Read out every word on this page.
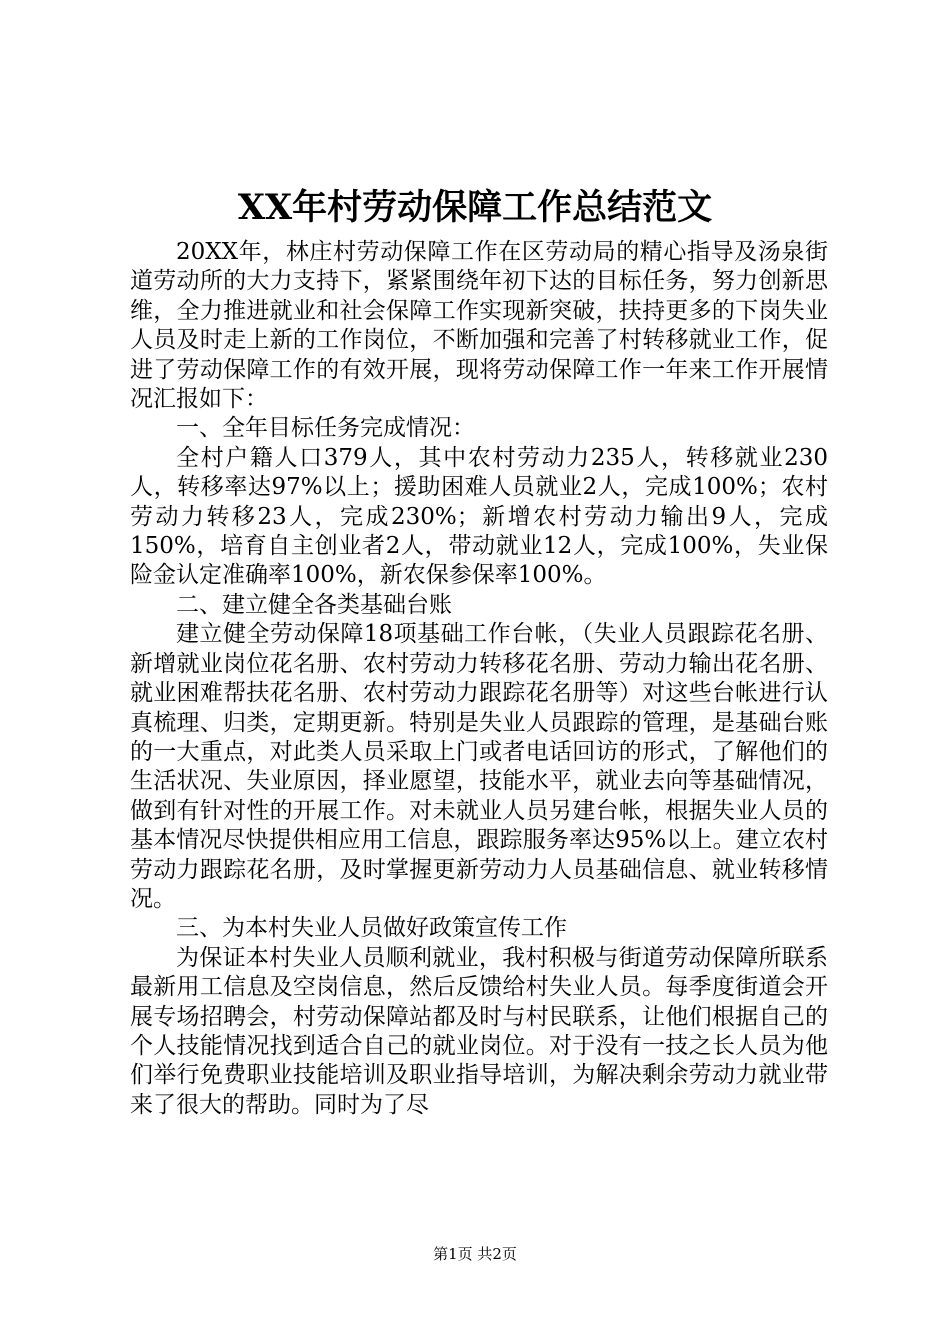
XX年村劳动保障工作总结范文

20XX年，林庄村劳动保障工作在区劳动局的精心指导及汤泉街道劳动所的大力支持下，紧紧围绕年初下达的目标任务，努力创新思维，全力推进就业和社会保障工作实现新突破，扶持更多的下岗失业人员及时走上新的工作岗位，不断加强和完善了村转移就业工作，促进了劳动保障工作的有效开展，现将劳动保障工作一年来工作开展情况汇报如下：

一、全年目标任务完成情况：

全村户籍人口379人，其中农村劳动力235人，转移就业230人，转移率达97%以上；援助困难人员就业2人，完成100%；农村劳动力转移23人，完成230%；新增农村劳动力输出9人，完成150%，培育自主创业者2人，带动就业12人，完成100%，失业保险金认定准确率100%，新农保参保率100%。

二、建立健全各类基础台账

建立健全劳动保障18项基础工作台帐，（失业人员跟踪花名册、新增就业岗位花名册、农村劳动力转移花名册、劳动力输出花名册、就业困难帮扶花名册、农村劳动力跟踪花名册等）对这些台帐进行认真梳理、归类，定期更新。特别是失业人员跟踪的管理，是基础台账的一大重点，对此类人员采取上门或者电话回访的形式，了解他们的生活状况、失业原因，择业愿望，技能水平，就业去向等基础情况，做到有针对性的开展工作。对未就业人员另建台帐，根据失业人员的基本情况尽快提供相应用工信息，跟踪服务率达95%以上。建立农村劳动力跟踪花名册，及时掌握更新劳动力人员基础信息、就业转移情况。

三、为本村失业人员做好政策宣传工作

为保证本村失业人员顺利就业，我村积极与街道劳动保障所联系最新用工信息及空岗信息，然后反馈给村失业人员。每季度街道会开展专场招聘会，村劳动保障站都及时与村民联系，让他们根据自己的个人技能情况找到适合自己的就业岗位。对于没有一技之长人员为他们举行免费职业技能培训及职业指导培训，为解决剩余劳动力就业带来了很大的帮助。同时为了尽

第1页 共2页
